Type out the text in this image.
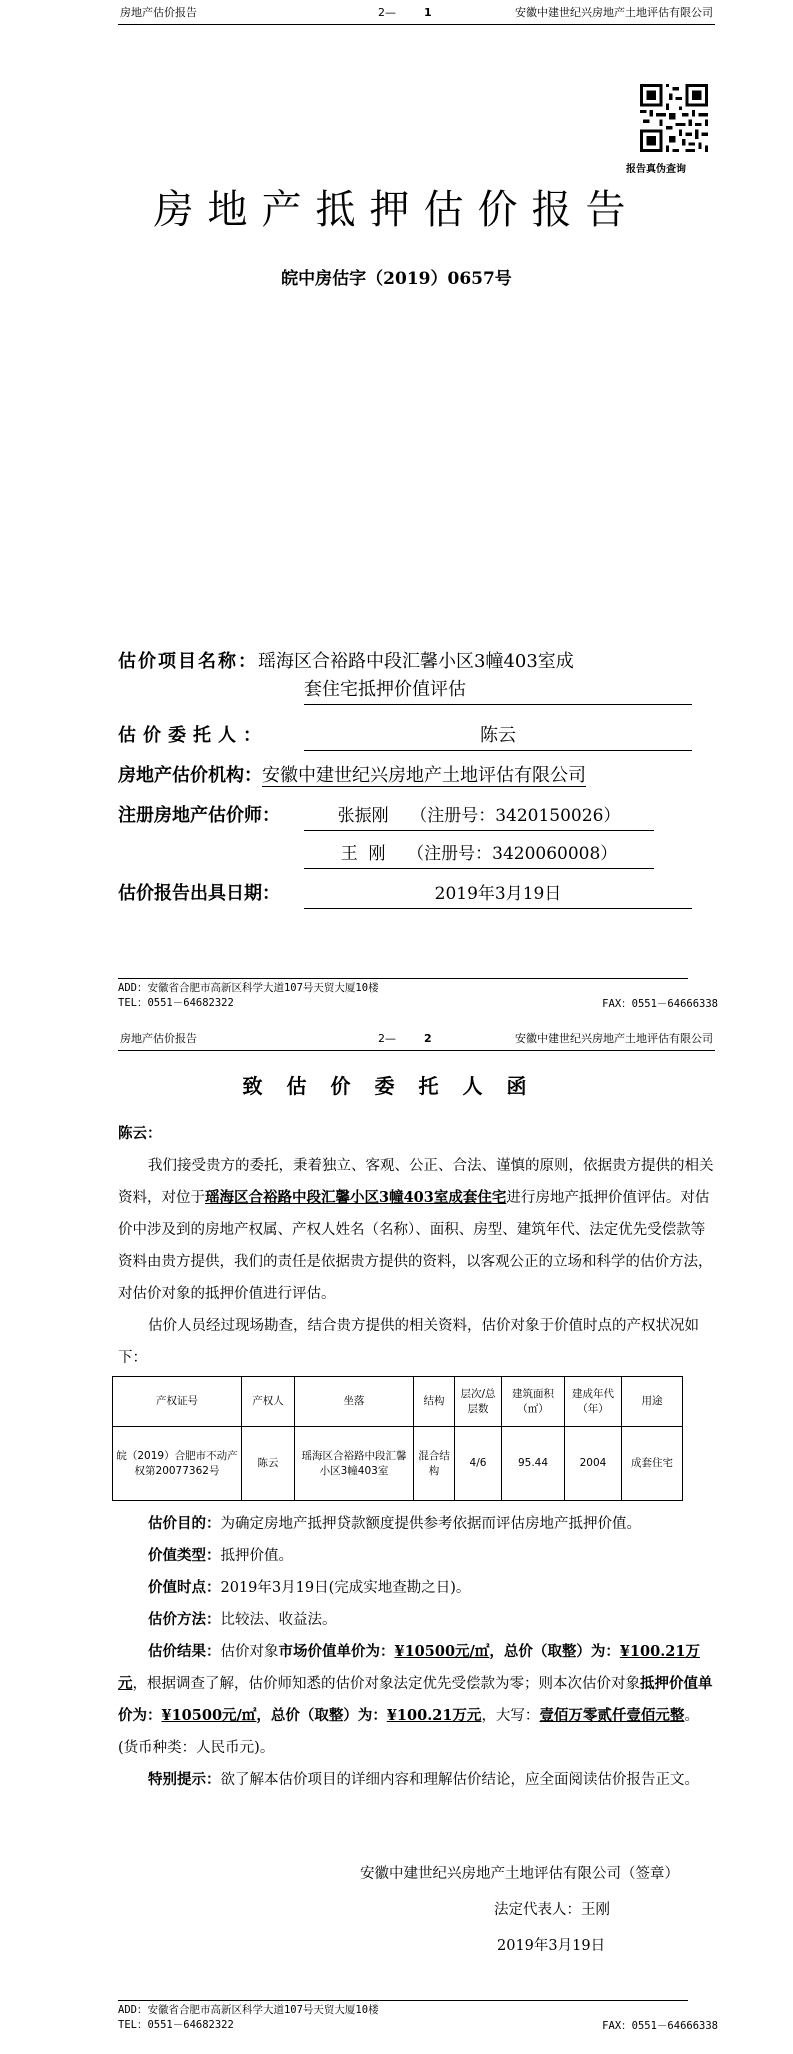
房地产估价报告	2—	1	安徽中建世纪兴房地产土地评估有限公司
报告真伪查询
房地产抵押估价报告
皖中房估字（2019）0657号
估价项目名称：瑶海区合裕路中段汇馨小区3幢403室成
套住宅抵押价值评估
估价委托人：	陈云
房地产估价机构：安徽中建世纪兴房地产土地评估有限公司
注册房地产估价师：	张振刚    （注册号：3420150026）
王  刚    （注册号：3420060008）
估价报告出具日期：	2019年3月19日
ADD：安徽省合肥市高新区科学大道107号天贸大厦10楼
TEL：0551－64682322	FAX：0551－64666338
房地产估价报告	2—	2	安徽中建世纪兴房地产土地评估有限公司
致估价委托人函
陈云：
我们接受贵方的委托，秉着独立、客观、公正、合法、谨慎的原则，依据贵方提供的相关资料，对位于瑶海区合裕路中段汇馨小区3幢403室成套住宅进行房地产抵押价值评估。对估价中涉及到的房地产权属、产权人姓名（名称）、面积、房型、建筑年代、法定优先受偿款等资料由贵方提供，我们的责任是依据贵方提供的资料，以客观公正的立场和科学的估价方法，对估价对象的抵押价值进行评估。
估价人员经过现场勘查，结合贵方提供的相关资料，估价对象于价值时点的产权状况如下：
产权证号	产权人	坐落	结构	层次/总层数	建筑面积（㎡）	建成年代（年）	用途
皖（2019）合肥市不动产权第20077362号	陈云	瑶海区合裕路中段汇馨小区3幢403室	混合结构	4/6	95.44	2004	成套住宅
估价目的：为确定房地产抵押贷款额度提供参考依据而评估房地产抵押价值。
价值类型：抵押价值。
价值时点：2019年3月19日(完成实地查勘之日)。
估价方法：比较法、收益法。
估价结果：估价对象市场价值单价为：¥10500元/㎡，总价（取整）为：¥100.21万元，根据调查了解，估价师知悉的估价对象法定优先受偿款为零；则本次估价对象抵押价值单价为：¥10500元/㎡，总价（取整）为：¥100.21万元，大写：壹佰万零贰仟壹佰元整。(货币种类：人民币元)。
特别提示：欲了解本估价项目的详细内容和理解估价结论，应全面阅读估价报告正文。
安徽中建世纪兴房地产土地评估有限公司（签章）
法定代表人：王刚
2019年3月19日
ADD：安徽省合肥市高新区科学大道107号天贸大厦10楼
TEL：0551－64682322	FAX：0551－64666338
